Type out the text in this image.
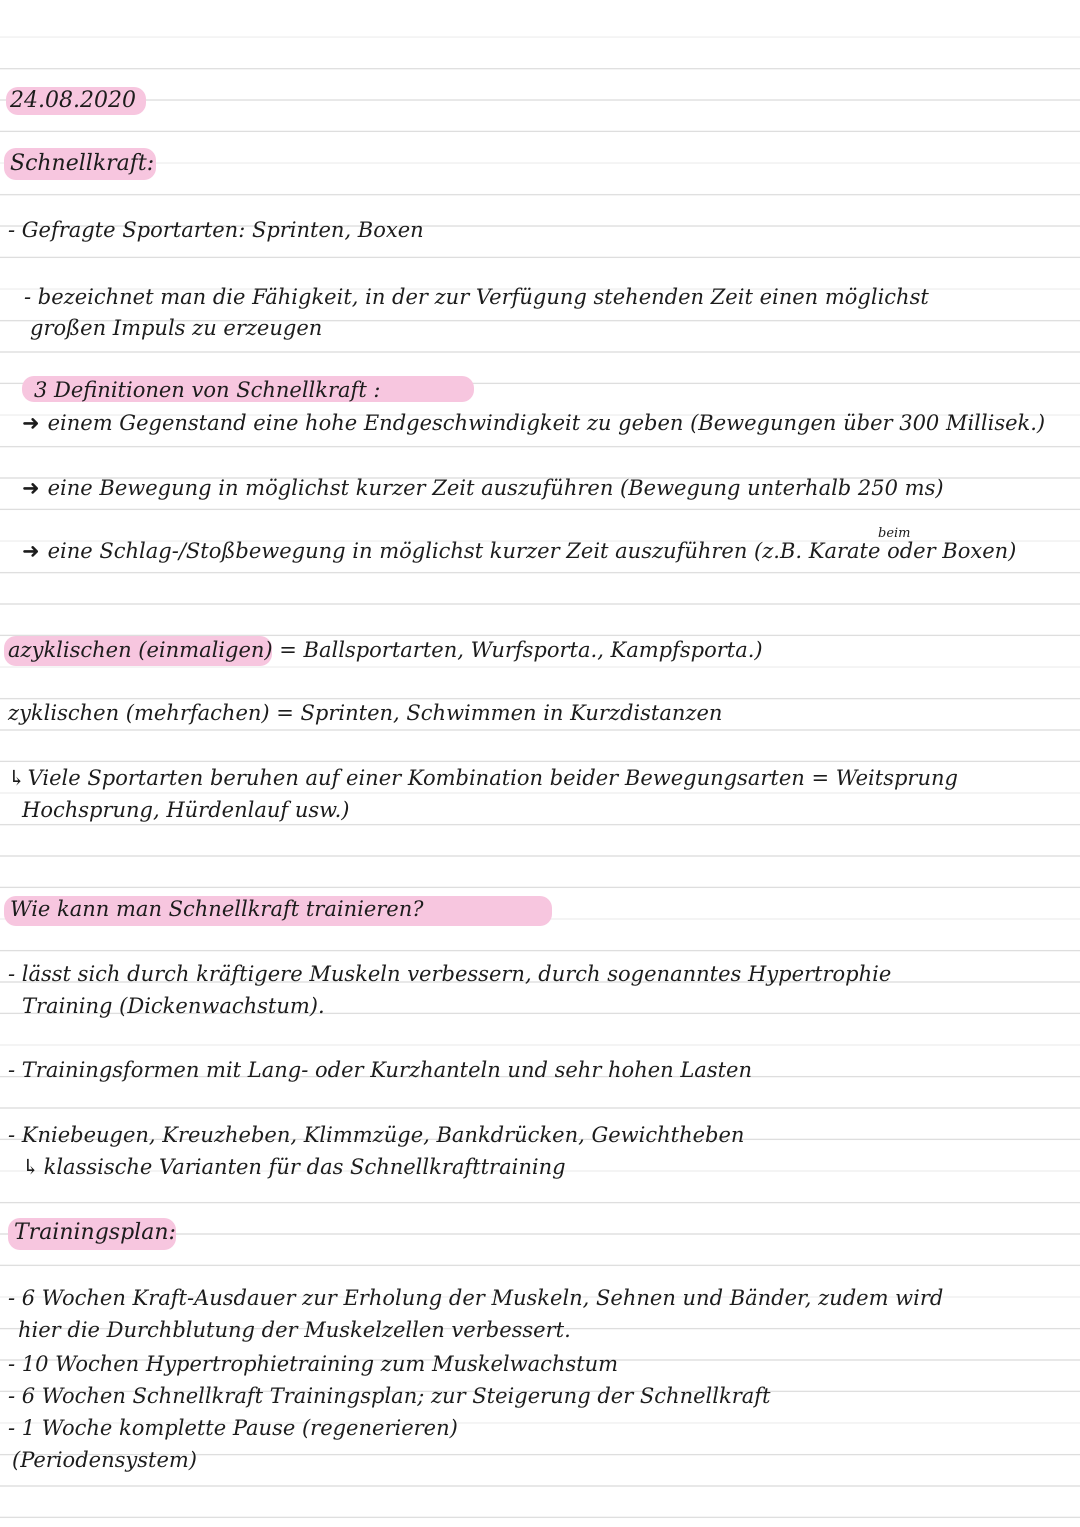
24.08.2020
Schnellkraft:
- Gefragte Sportarten: Sprinten, Boxen
- bezeichnet man die Fähigkeit, in der zur Verfügung stehenden Zeit einen möglichst
großen Impuls zu erzeugen
3 Definitionen von Schnellkraft :
➜ einem Gegenstand eine hohe Endgeschwindigkeit zu geben (Bewegungen über 300 Millisek.)
➜ eine Bewegung in möglichst kurzer Zeit auszuführen (Bewegung unterhalb 250 ms)
beim
➜ eine Schlag-/Stoßbewegung in möglichst kurzer Zeit auszuführen (z.B. Karate oder Boxen)
azyklischen (einmaligen) = Ballsportarten, Wurfsporta., Kampfsporta.)
zyklischen (mehrfachen) = Sprinten, Schwimmen in Kurzdistanzen
↳Viele Sportarten beruhen auf einer Kombination beider Bewegungsarten = Weitsprung
Hochsprung, Hürdenlauf usw.)
Wie kann man Schnellkraft trainieren?
- lässt sich durch kräftigere Muskeln verbessern, durch sogenanntes Hypertrophie
Training (Dickenwachstum).
- Trainingsformen mit Lang- oder Kurzhanteln und sehr hohen Lasten
- Kniebeugen, Kreuzheben, Klimmzüge, Bankdrücken, Gewichtheben
↳ klassische Varianten für das Schnellkrafttraining
Trainingsplan:
- 6 Wochen Kraft-Ausdauer zur Erholung der Muskeln, Sehnen und Bänder, zudem wird
hier die Durchblutung der Muskelzellen verbessert.
- 10 Wochen Hypertrophietraining zum Muskelwachstum
- 6 Wochen Schnellkraft Trainingsplan; zur Steigerung der Schnellkraft
- 1 Woche komplette Pause (regenerieren)
(Periodensystem)
